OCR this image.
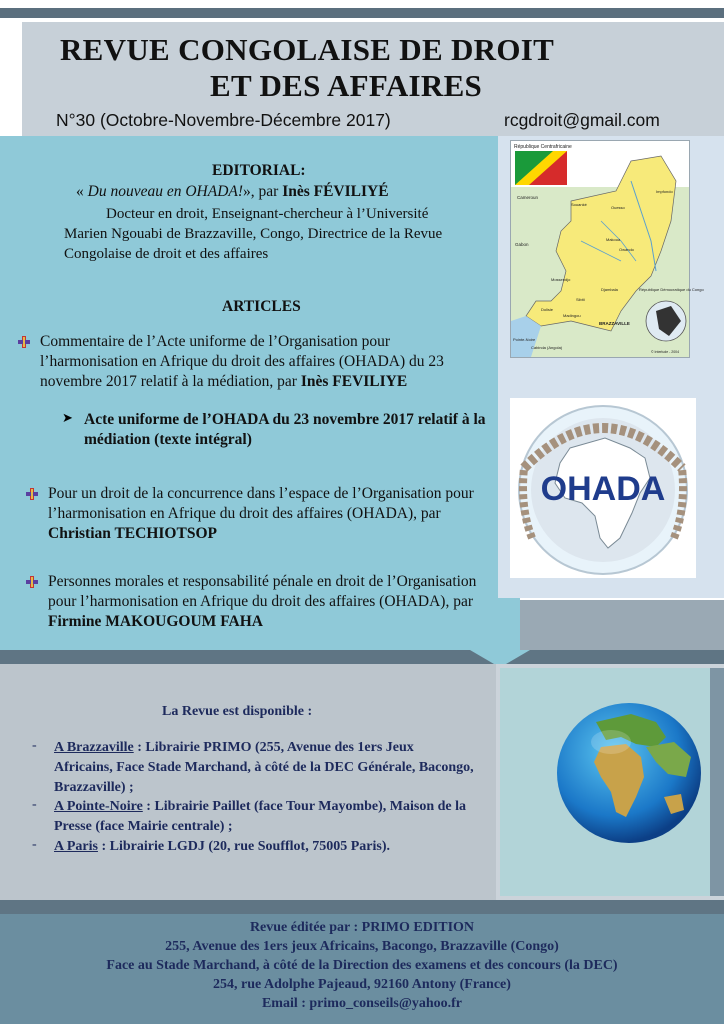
REVUE CONGOLAISE DE DROIT
ET DES AFFAIRES
N°30 (Octobre-Novembre-Décembre 2017)	rcgdroit@gmail.com
EDITORIAL:
« Du nouveau en OHADA!», par Inès FÉVILIYÉ
Docteur en droit, Enseignant-chercheur à l’Université
Marien Ngouabi de Brazzaville, Congo, Directrice de la Revue
Congolaise de droit et des affaires
ARTICLES
Commentaire de l’Acte uniforme de l’Organisation pour l’harmonisation en Afrique du droit des affaires (OHADA) du 23 novembre 2017 relatif à la médiation, par Inès FEVILIYE
➤ Acte uniforme de l’OHADA du 23 novembre 2017 relatif à la médiation (texte intégral)
Pour un droit de la concurrence dans l’espace de l’Organisation pour l’harmonisation en Afrique du droit des affaires (OHADA), par Christian TECHIOTSOP
Personnes morales et responsabilité pénale en droit de l’Organisation pour l’harmonisation en Afrique du droit des affaires (OHADA), par Firmine MAKOUGOUM FAHA
République Centrafricaine
Cameroun
Gabon
République Démocratique du Congo
BRAZZAVILLE
Pointe-Noire
Cabinda (Angola)
Souanké
Ouesso
Impfondo
Makoua
Owando
Djambala
Dolisie
Madingou
Mossendjo
Sibiti
© Interlude - 2004
OHADA
La Revue est disponible :
- A Brazzaville : Librairie PRIMO (255, Avenue des 1ers Jeux Africains, Face Stade Marchand, à côté de la DEC Générale, Bacongo, Brazzaville) ;
- A Pointe-Noire : Librairie Paillet (face Tour Mayombe), Maison de la Presse (face Mairie centrale) ;
- A Paris : Librairie LGDJ (20, rue Soufflot, 75005 Paris).
Revue éditée par : PRIMO EDITION
255, Avenue des 1ers jeux Africains, Bacongo, Brazzaville (Congo)
Face au Stade Marchand, à côté de la Direction des examens et des concours (la DEC)
254, rue Adolphe Pajeaud, 92160 Antony (France)
Email : primo_conseils@yahoo.fr
